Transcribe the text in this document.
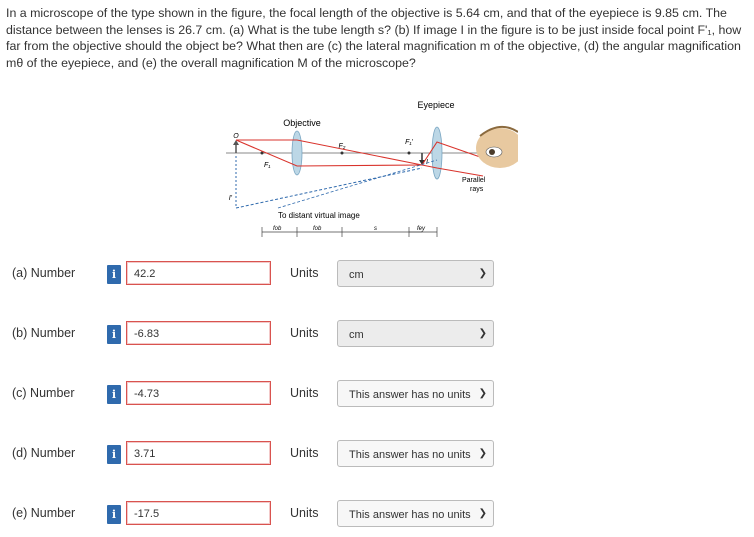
In a microscope of the type shown in the figure, the focal length of the objective is 5.64 cm, and that of the eyepiece is 9.85 cm. The distance between the lenses is 26.7 cm. (a) What is the tube length s? (b) If image I in the figure is to be just inside focal point F'₁, how far from the objective should the object be? What then are (c) the lateral magnification m of the objective, (d) the angular magnification mθ of the eyepiece, and (e) the overall magnification M of the microscope?
O
I'
Objective
Eyepiece
F₁
F₂
F₁'
I
Parallel
rays
To distant virtual image
fob	fob	s	fey
(a) Number	i	42.2	Units	cm	❯
(b) Number	i	-6.83	Units	cm	❯
(c) Number	i	-4.73	Units	This answer has no units ❯
(d) Number	i	3.71	Units	This answer has no units ❯
(e) Number	i	-17.5	Units	This answer has no units ❯
